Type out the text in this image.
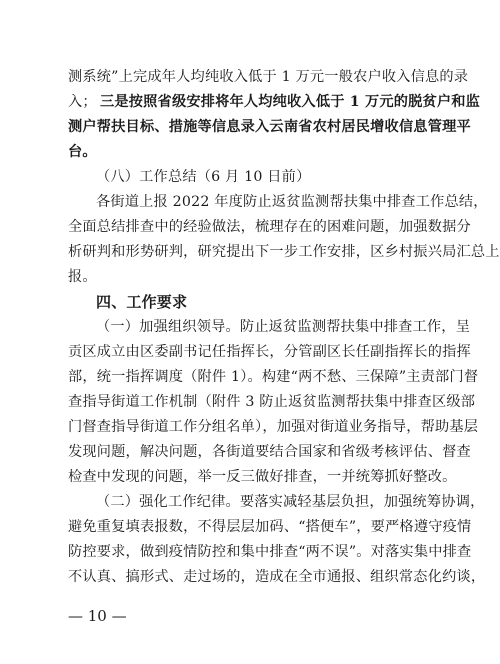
测系统”上完成年人均纯收入低于 1 万元一般农户收入信息的录
入； 三是按照省级安排将年人均纯收入低于 1 万元的脱贫户和监
测户帮扶目标、措施等信息录入云南省农村居民增收信息管理平
台。
（八）工作总结（6 月 10 日前）
各街道上报 2022 年度防止返贫监测帮扶集中排查工作总结，
全面总结排查中的经验做法，梳理存在的困难问题，加强数据分
析研判和形势研判，研究提出下一步工作安排，区乡村振兴局汇总上
报。
四、工作要求
（一）加强组织领导。防止返贫监测帮扶集中排查工作，呈
贡区成立由区委副书记任指挥长，分管副区长任副指挥长的指挥
部，统一指挥调度（附件 1）。构建“两不愁、三保障”主责部门督
查指导街道工作机制（附件 3 防止返贫监测帮扶集中排查区级部
门督查指导街道工作分组名单），加强对街道业务指导，帮助基层
发现问题，解决问题，各街道要结合国家和省级考核评估、督查
检查中发现的问题，举一反三做好排查，一并统筹抓好整改。
（二）强化工作纪律。要落实减轻基层负担，加强统筹协调，
避免重复填表报数，不得层层加码、“搭便车”，要严格遵守疫情
防控要求，做到疫情防控和集中排查“两不误”。对落实集中排查
不认真、搞形式、走过场的，造成在全市通报、组织常态化约谈，
— 10 —
